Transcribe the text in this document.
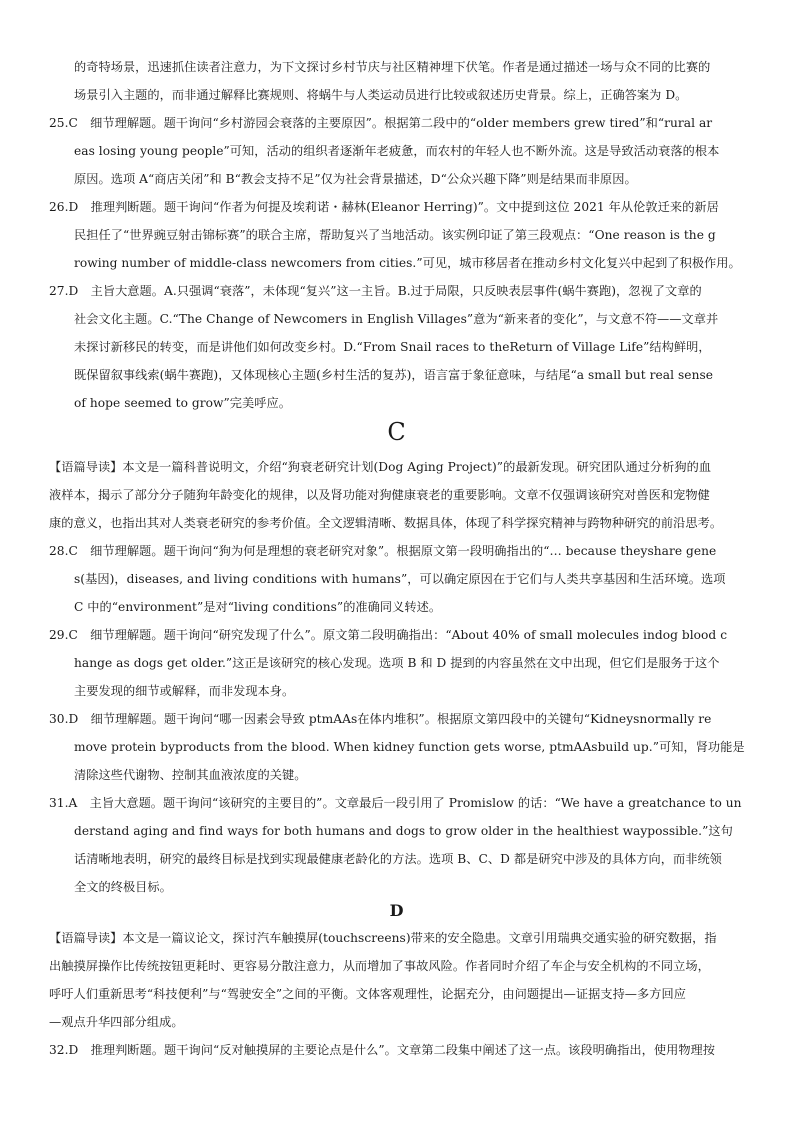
的奇特场景，迅速抓住读者注意力，为下文探讨乡村节庆与社区精神埋下伏笔。作者是通过描述一场与众不同的比赛的
场景引入主题的，而非通过解释比赛规则、将蜗牛与人类运动员进行比较或叙述历史背景。综上，正确答案为 D。
25.C　细节理解题。题干询问“乡村游园会衰落的主要原因”。根据第二段中的“older members grew tired”和“rural ar
eas losing young people”可知，活动的组织者逐渐年老疲惫，而农村的年轻人也不断外流。这是导致活动衰落的根本
原因。选项 A“商店关闭”和 B“教会支持不足”仅为社会背景描述，D“公众兴趣下降”则是结果而非原因。
26.D　推理判断题。题干询问“作者为何提及埃莉诺・赫林(Eleanor Herring)”。文中提到这位 2021 年从伦敦迁来的新居
民担任了“世界豌豆射击锦标赛”的联合主席，帮助复兴了当地活动。该实例印证了第三段观点：“One reason is the g
rowing number of middle-class newcomers from cities.”可见，城市移居者在推动乡村文化复兴中起到了积极作用。
27.D　主旨大意题。A.只强调“衰落”，未体现“复兴”这一主旨。B.过于局限，只反映表层事件(蜗牛赛跑)，忽视了文章的
社会文化主题。C.“The Change of Newcomers in English Villages”意为“新来者的变化”，与文意不符——文章并
未探讨新移民的转变，而是讲他们如何改变乡村。D.“From Snail races to theReturn of Village Life”结构鲜明，
既保留叙事线索(蜗牛赛跑)，又体现核心主题(乡村生活的复苏)，语言富于象征意味，与结尾“a small but real sense
of hope seemed to grow”完美呼应。
C
【语篇导读】本文是一篇科普说明文，介绍“狗衰老研究计划(Dog Aging Project)”的最新发现。研究团队通过分析狗的血
液样本，揭示了部分分子随狗年龄变化的规律，以及肾功能对狗健康衰老的重要影响。文章不仅强调该研究对兽医和宠物健
康的意义，也指出其对人类衰老研究的参考价值。全文逻辑清晰、数据具体，体现了科学探究精神与跨物种研究的前沿思考。
28.C　细节理解题。题干询问“狗为何是理想的衰老研究对象”。根据原文第一段明确指出的“… because theyshare gene
s(基因)，diseases, and living conditions with humans”，可以确定原因在于它们与人类共享基因和生活环境。选项
C 中的“environment”是对“living conditions”的准确同义转述。
29.C　细节理解题。题干询问“研究发现了什么”。原文第二段明确指出：“About 40% of small molecules indog blood c
hange as dogs get older.”这正是该研究的核心发现。选项 B 和 D 提到的内容虽然在文中出现，但它们是服务于这个
主要发现的细节或解释，而非发现本身。
30.D　细节理解题。题干询问“哪一因素会导致 ptmAAs在体内堆积”。根据原文第四段中的关键句“Kidneysnormally re
move protein byproducts from the blood. When kidney function gets worse, ptmAAsbuild up.”可知，肾功能是
清除这些代谢物、控制其血液浓度的关键。
31.A　主旨大意题。题干询问“该研究的主要目的”。文章最后一段引用了 Promislow 的话：“We have a greatchance to un
derstand aging and find ways for both humans and dogs to grow older in the healthiest waypossible.”这句
话清晰地表明，研究的最终目标是找到实现最健康老龄化的方法。选项 B、C、D 都是研究中涉及的具体方向，而非统领
全文的终极目标。
D
【语篇导读】本文是一篇议论文，探讨汽车触摸屏(touchscreens)带来的安全隐患。文章引用瑞典交通实验的研究数据，指
出触摸屏操作比传统按钮更耗时、更容易分散注意力，从而增加了事故风险。作者同时介绍了车企与安全机构的不同立场，
呼吁人们重新思考“科技便利”与“驾驶安全”之间的平衡。文体客观理性，论据充分，由问题提出—证据支持—多方回应
—观点升华四部分组成。
32.D　推理判断题。题干询问“反对触摸屏的主要论点是什么”。文章第二段集中阐述了这一点。该段明确指出，使用物理按
